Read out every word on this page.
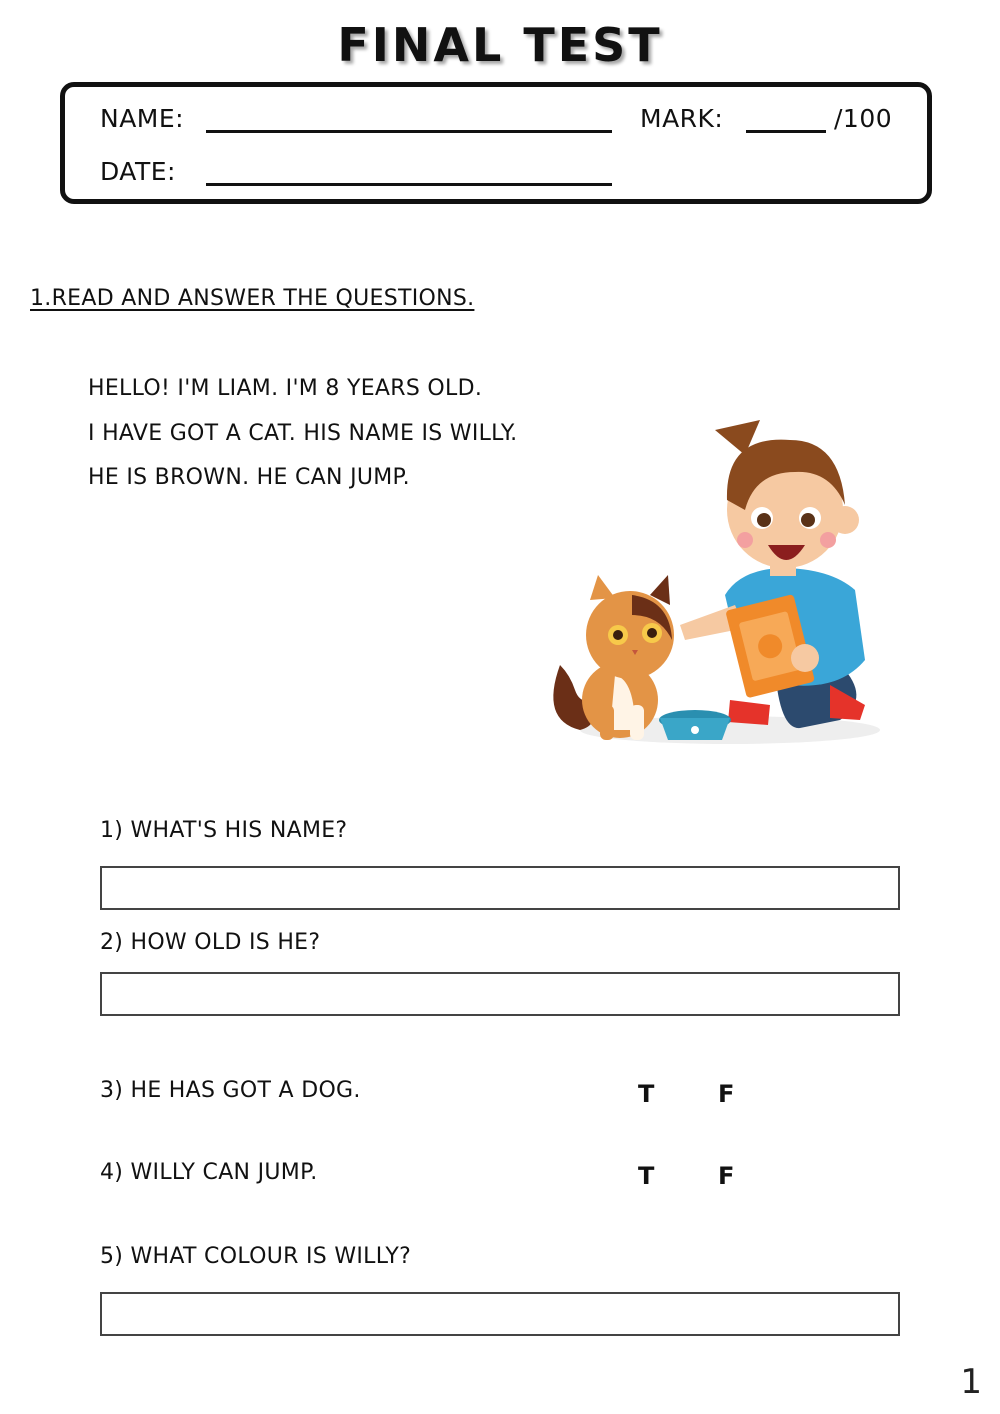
FINAL TEST
NAME:	MARK:	/100
DATE:
1.READ AND ANSWER THE QUESTIONS.
HELLO! I'M LIAM. I'M 8 YEARS OLD.
I HAVE GOT A CAT. HIS NAME IS WILLY.
HE IS BROWN. HE CAN JUMP.
1) WHAT'S HIS NAME?
2) HOW OLD IS HE?
3) HE HAS GOT A DOG.	T	F
4) WILLY CAN JUMP.	T	F
5) WHAT COLOUR IS WILLY?
1
